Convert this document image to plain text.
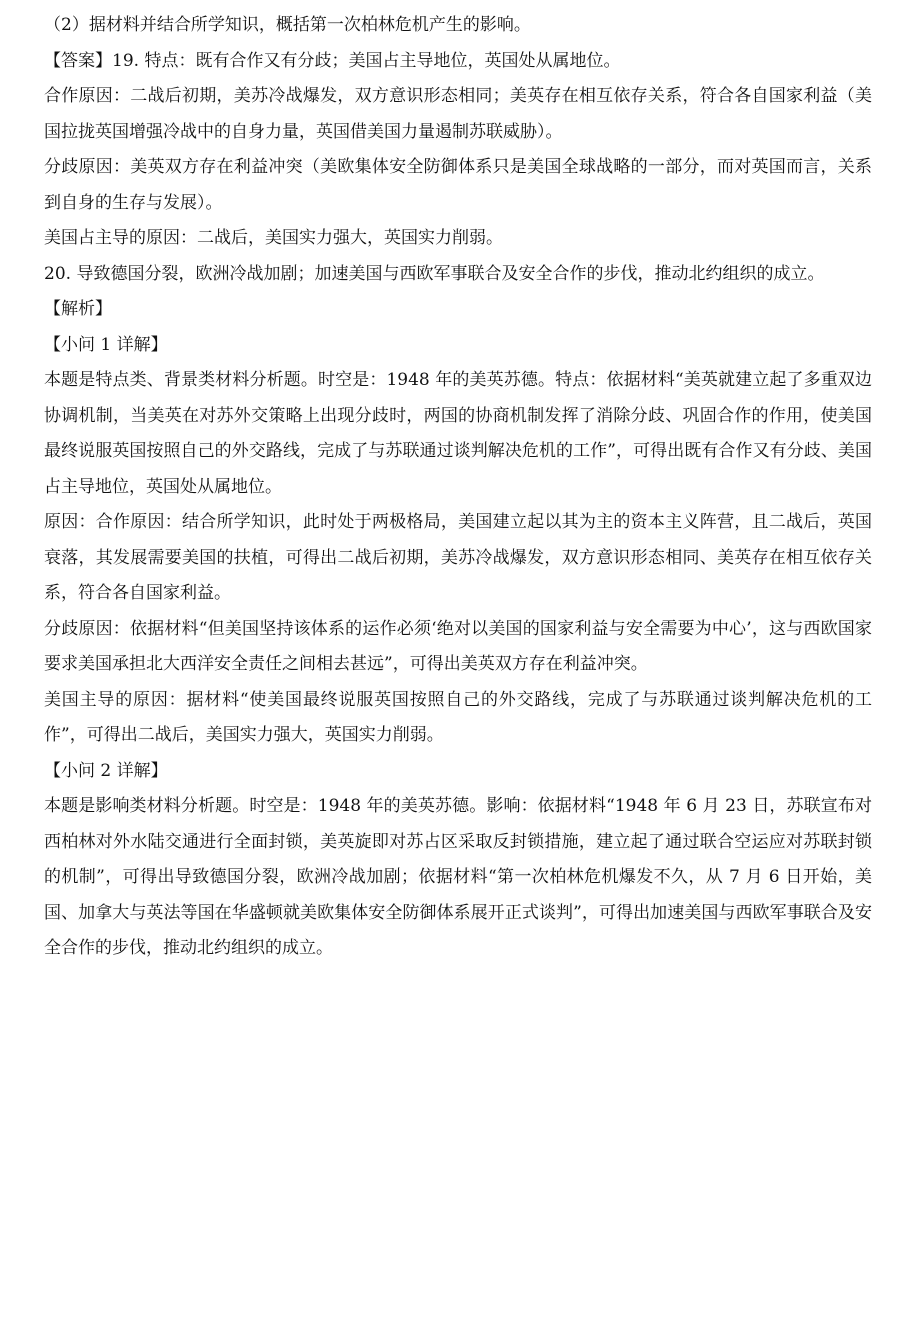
（2）据材料并结合所学知识，概括第一次柏林危机产生的影响。

【答案】19. 特点：既有合作又有分歧；美国占主导地位，英国处从属地位。

合作原因：二战后初期，美苏冷战爆发，双方意识形态相同；美英存在相互依存关系，符合各自国家利益（美国拉拢英国增强冷战中的自身力量，英国借美国力量遏制苏联威胁）。

分歧原因：美英双方存在利益冲突（美欧集体安全防御体系只是美国全球战略的一部分，而对英国而言，关系到自身的生存与发展）。

美国占主导的原因：二战后，美国实力强大，英国实力削弱。

20. 导致德国分裂，欧洲冷战加剧；加速美国与西欧军事联合及安全合作的步伐，推动北约组织的成立。

【解析】

【小问 1 详解】

本题是特点类、背景类材料分析题。时空是：1948 年的美英苏德。特点：依据材料“美英就建立起了多重双边协调机制，当美英在对苏外交策略上出现分歧时，两国的协商机制发挥了消除分歧、巩固合作的作用，使美国最终说服英国按照自己的外交路线，完成了与苏联通过谈判解决危机的工作”，可得出既有合作又有分歧、美国占主导地位，英国处从属地位。

原因：合作原因：结合所学知识，此时处于两极格局，美国建立起以其为主的资本主义阵营，且二战后，英国衰落，其发展需要美国的扶植，可得出二战后初期，美苏冷战爆发，双方意识形态相同、美英存在相互依存关系，符合各自国家利益。

分歧原因：依据材料“但美国坚持该体系的运作必须‘绝对以美国的国家利益与安全需要为中心’，这与西欧国家要求美国承担北大西洋安全责任之间相去甚远”，可得出美英双方存在利益冲突。

美国主导的原因：据材料“使美国最终说服英国按照自己的外交路线，完成了与苏联通过谈判解决危机的工作”，可得出二战后，美国实力强大，英国实力削弱。

【小问 2 详解】

本题是影响类材料分析题。时空是：1948 年的美英苏德。影响：依据材料“1948 年 6 月 23 日，苏联宣布对西柏林对外水陆交通进行全面封锁，美英旋即对苏占区采取反封锁措施，建立起了通过联合空运应对苏联封锁的机制”，可得出导致德国分裂，欧洲冷战加剧；依据材料“第一次柏林危机爆发不久，从 7 月 6 日开始，美国、加拿大与英法等国在华盛顿就美欧集体安全防御体系展开正式谈判”，可得出加速美国与西欧军事联合及安全合作的步伐，推动北约组织的成立。
